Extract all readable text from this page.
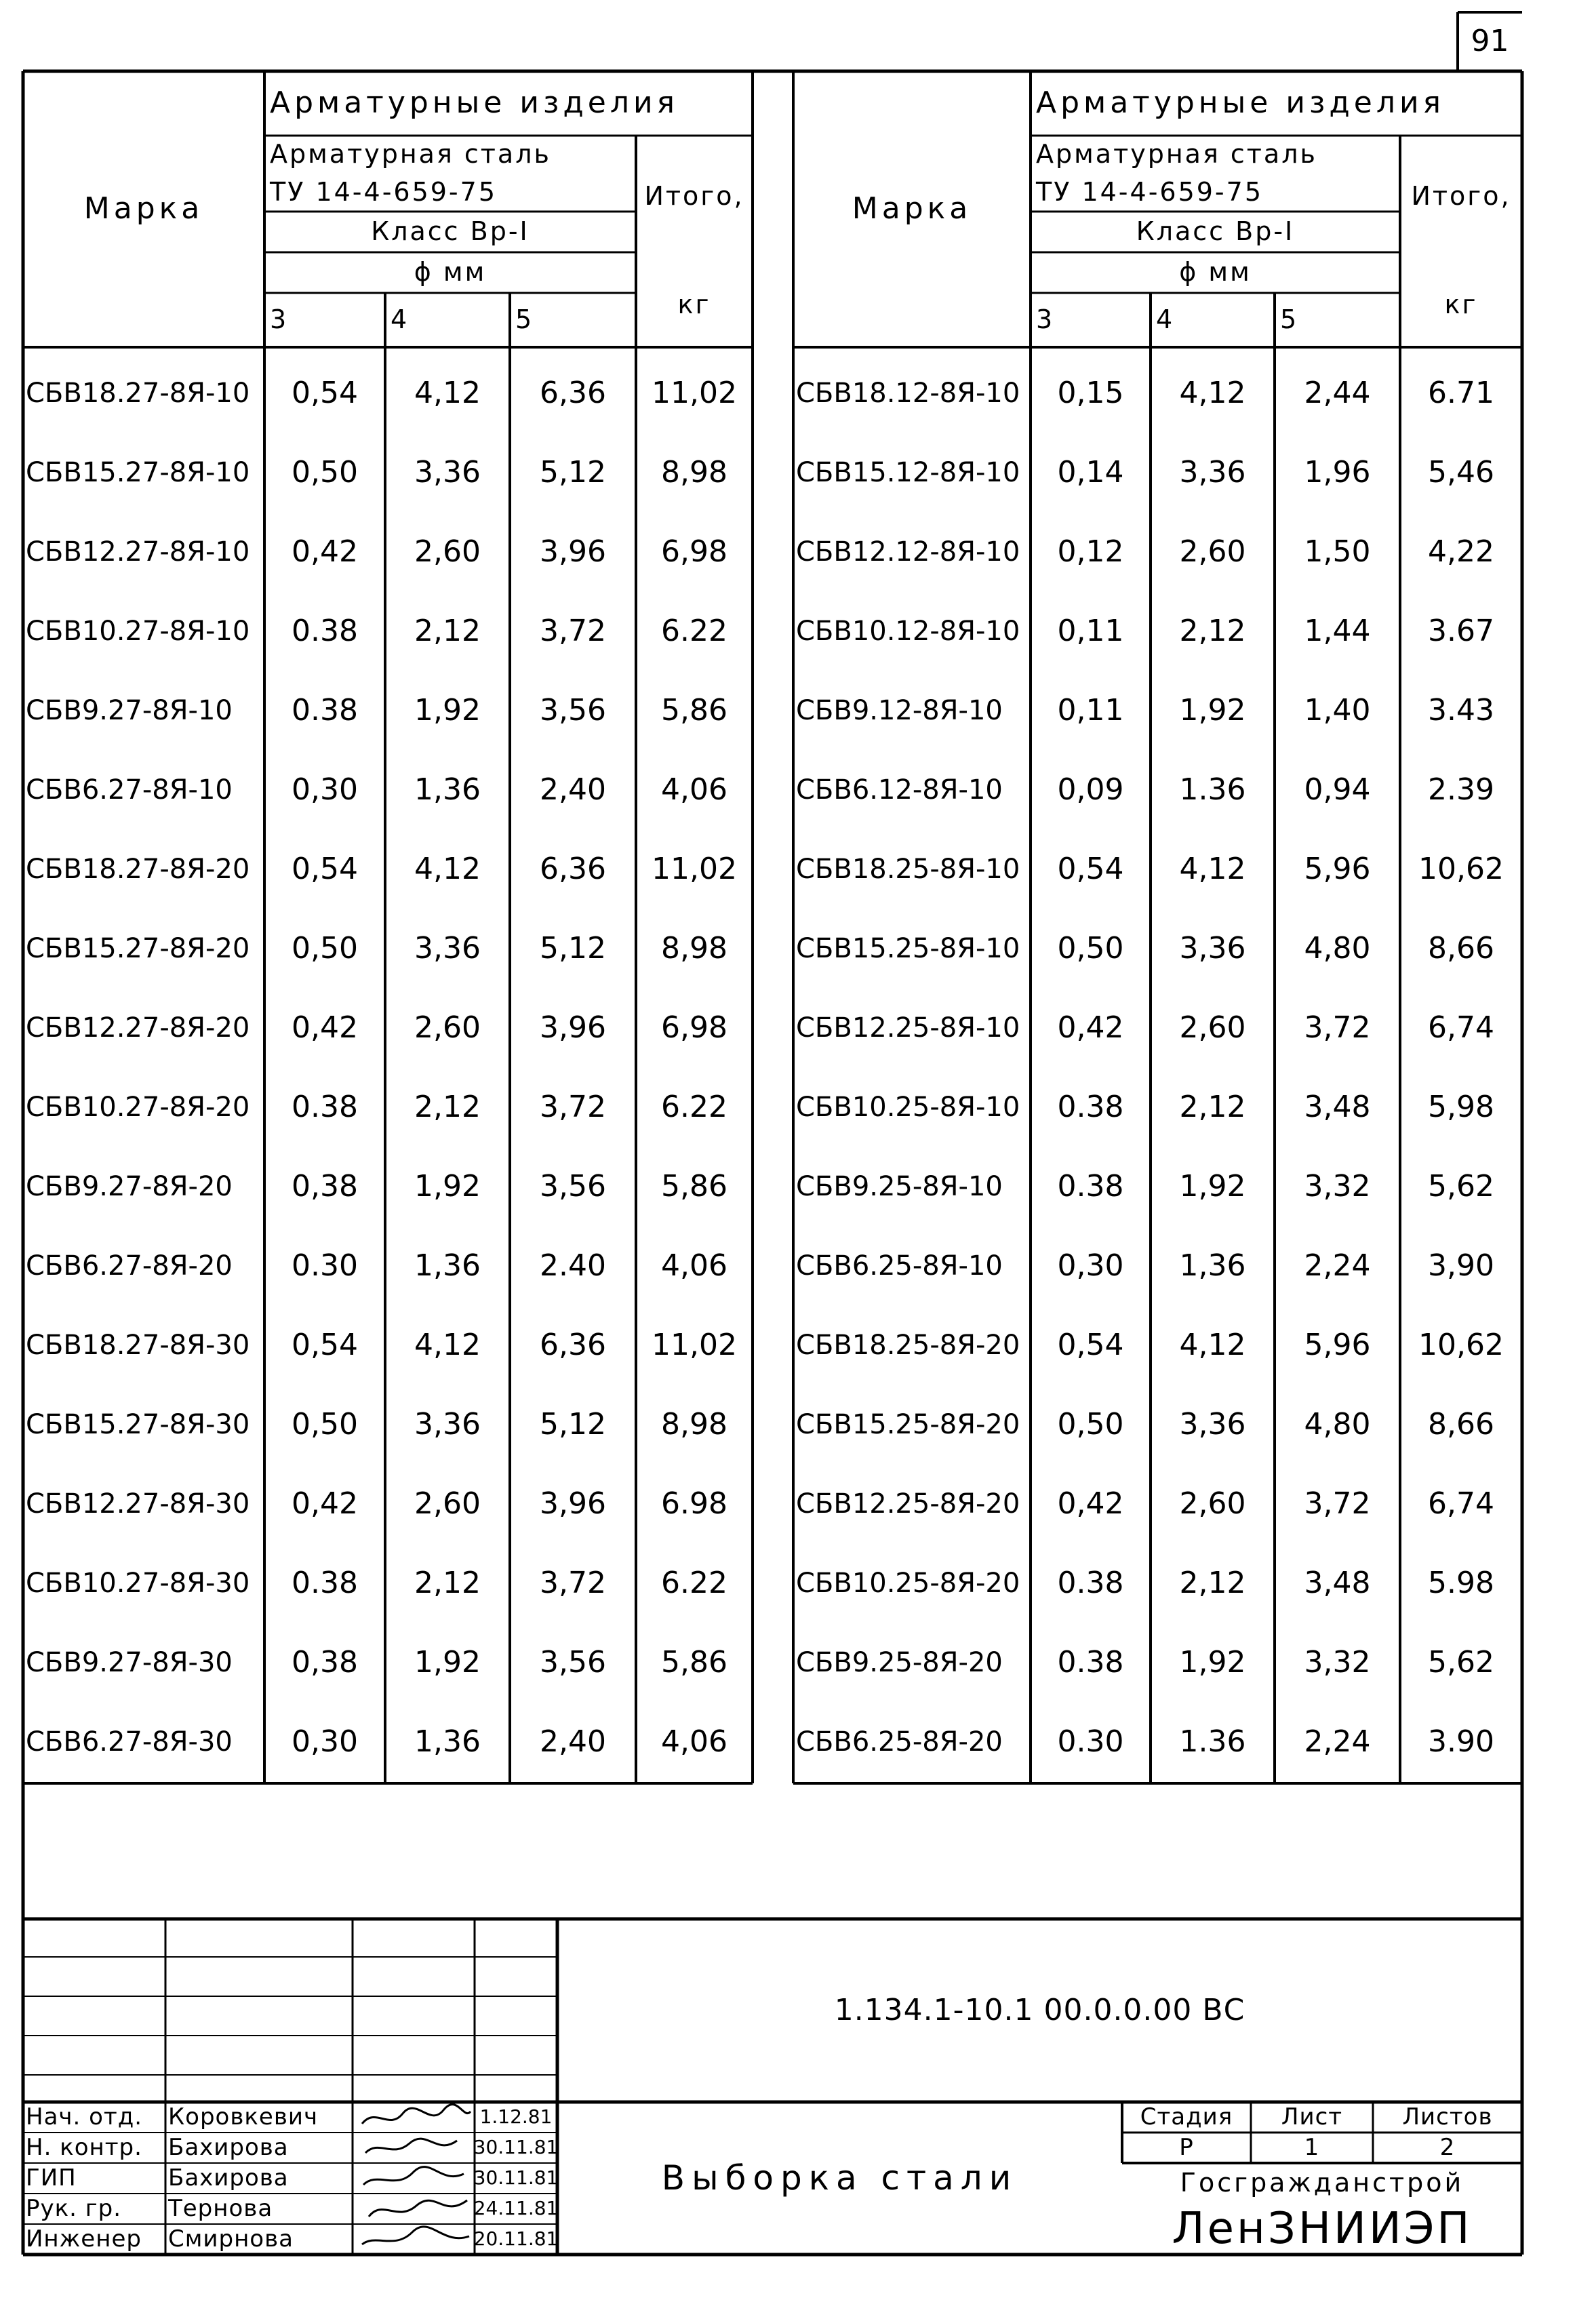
91
Марка
Арматурные изделия
Арматурная сталь
ТУ 14-4-659-75
Класс Вр-I
ϕ мм
3	4	5
Итого,
кг
Марка
Арматурные изделия
Арматурная сталь
ТУ 14-4-659-75
Класс Вр-I
ϕ мм
3	4	5
Итого,
кг
СБВ18.27-8Я-10	0,54	4,12	6,36	11,02
СБВ15.27-8Я-10	0,50	3,36	5,12	8,98
СБВ12.27-8Я-10	0,42	2,60	3,96	6,98
СБВ10.27-8Я-10	0.38	2,12	3,72	6.22
СБВ9.27-8Я-10	0.38	1,92	3,56	5,86
СБВ6.27-8Я-10	0,30	1,36	2,40	4,06
СБВ18.27-8Я-20	0,54	4,12	6,36	11,02
СБВ15.27-8Я-20	0,50	3,36	5,12	8,98
СБВ12.27-8Я-20	0,42	2,60	3,96	6,98
СБВ10.27-8Я-20	0.38	2,12	3,72	6.22
СБВ9.27-8Я-20	0,38	1,92	3,56	5,86
СБВ6.27-8Я-20	0.30	1,36	2.40	4,06
СБВ18.27-8Я-30	0,54	4,12	6,36	11,02
СБВ15.27-8Я-30	0,50	3,36	5,12	8,98
СБВ12.27-8Я-30	0,42	2,60	3,96	6.98
СБВ10.27-8Я-30	0.38	2,12	3,72	6.22
СБВ9.27-8Я-30	0,38	1,92	3,56	5,86
СБВ6.27-8Я-30	0,30	1,36	2,40	4,06
СБВ18.12-8Я-10	0,15	4,12	2,44	6.71
СБВ15.12-8Я-10	0,14	3,36	1,96	5,46
СБВ12.12-8Я-10	0,12	2,60	1,50	4,22
СБВ10.12-8Я-10	0,11	2,12	1,44	3.67
СБВ9.12-8Я-10	0,11	1,92	1,40	3.43
СБВ6.12-8Я-10	0,09	1.36	0,94	2.39
СБВ18.25-8Я-10	0,54	4,12	5,96	10,62
СБВ15.25-8Я-10	0,50	3,36	4,80	8,66
СБВ12.25-8Я-10	0,42	2,60	3,72	6,74
СБВ10.25-8Я-10	0.38	2,12	3,48	5,98
СБВ9.25-8Я-10	0.38	1,92	3,32	5,62
СБВ6.25-8Я-10	0,30	1,36	2,24	3,90
СБВ18.25-8Я-20	0,54	4,12	5,96	10,62
СБВ15.25-8Я-20	0,50	3,36	4,80	8,66
СБВ12.25-8Я-20	0,42	2,60	3,72	6,74
СБВ10.25-8Я-20	0.38	2,12	3,48	5.98
СБВ9.25-8Я-20	0.38	1,92	3,32	5,62
СБВ6.25-8Я-20	0.30	1.36	2,24	3.90
1.134.1-10.1 00.0.0.00 ВС
Выборка стали
Стадия	Лист	Листов
Р	1	2
Госгражданстрой
ЛенЗНИИЭП
Нач. отд.	Коровкевич	1.12.81
Н. контр.	Бахирова	30.11.81
ГИП	Бахирова	30.11.81
Рук. гр.	Тернова	24.11.81
Инженер	Смирнова	20.11.81
